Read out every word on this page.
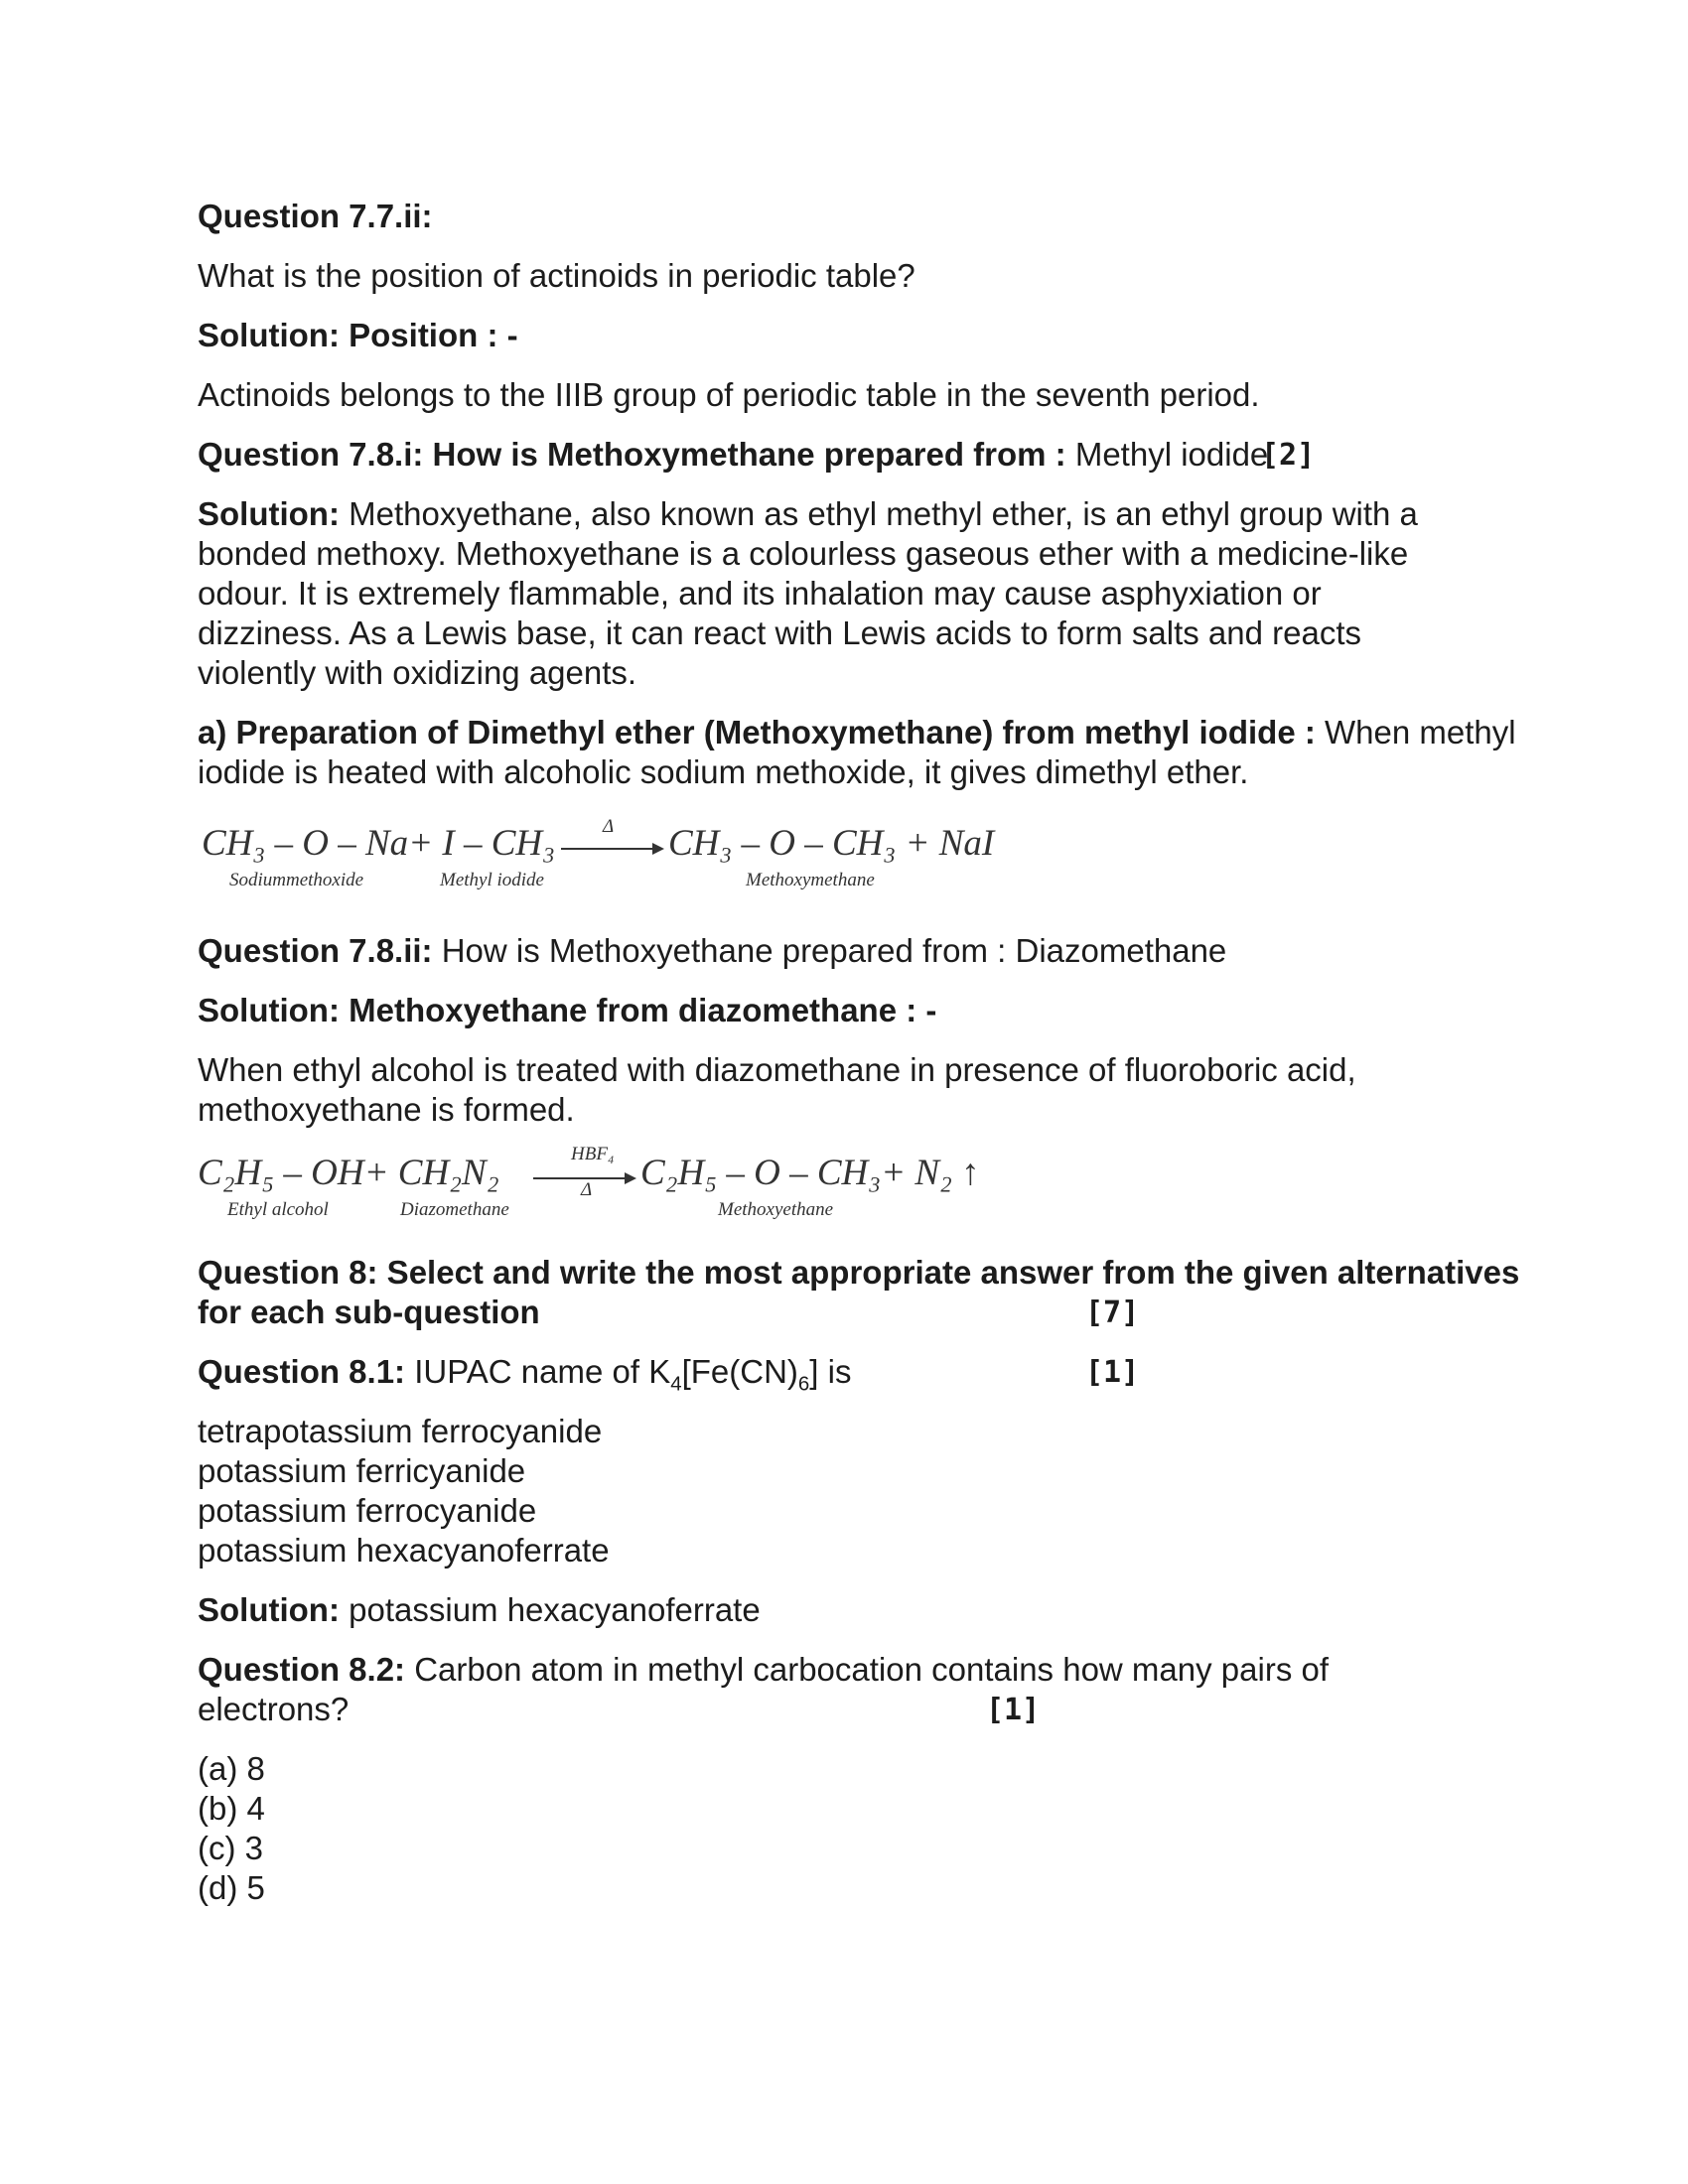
Question 7.7.ii:
What is the position of actinoids in periodic table?
Solution: Position : -
Actinoids belongs to the IIIB group of periodic table in the seventh period.
Question 7.8.i: How is Methoxymethane prepared from : Methyl iodide
[2]
Solution: Methoxyethane, also known as ethyl methyl ether, is an ethyl group with a
bonded methoxy. Methoxyethane is a colourless gaseous ether with a medicine-like
odour. It is extremely flammable, and its inhalation may cause asphyxiation or
dizziness. As a Lewis base, it can react with Lewis acids to form salts and reacts
violently with oxidizing agents.
a) Preparation of Dimethyl ether (Methoxymethane) from methyl iodide : When methyl
iodide is heated with alcoholic sodium methoxide, it gives dimethyl ether.
CH₃ – O – Na+ I – CH₃	Δ CH₃ – O – CH₃ + NaI
Sodiummethoxide	Methyl iodide	Methoxymethane
Question 7.8.ii: How is Methoxyethane prepared from : Diazomethane
Solution: Methoxyethane from diazomethane : -
When ethyl alcohol is treated with diazomethane in presence of fluoroboric acid,
methoxyethane is formed.
C₂H₅ – OH+ CH₂N₂	HBF₄
Δ C₂H₅ – O – CH₃+ N₂ ↑
Ethyl alcohol	Diazomethane	Methoxyethane
Question 8: Select and write the most appropriate answer from the given alternatives
for each sub-question	[7]
Question 8.1: IUPAC name of $K_4[Fe(CN)_6]$ is	[1]
tetrapotassium ferrocyanide
potassium ferricyanide
potassium ferrocyanide
potassium hexacyanoferrate
Solution: potassium hexacyanoferrate
Question 8.2: Carbon atom in methyl carbocation contains how many pairs of
electrons?	[1]
(a) 8
(b) 4
(c) 3
(d) 5
